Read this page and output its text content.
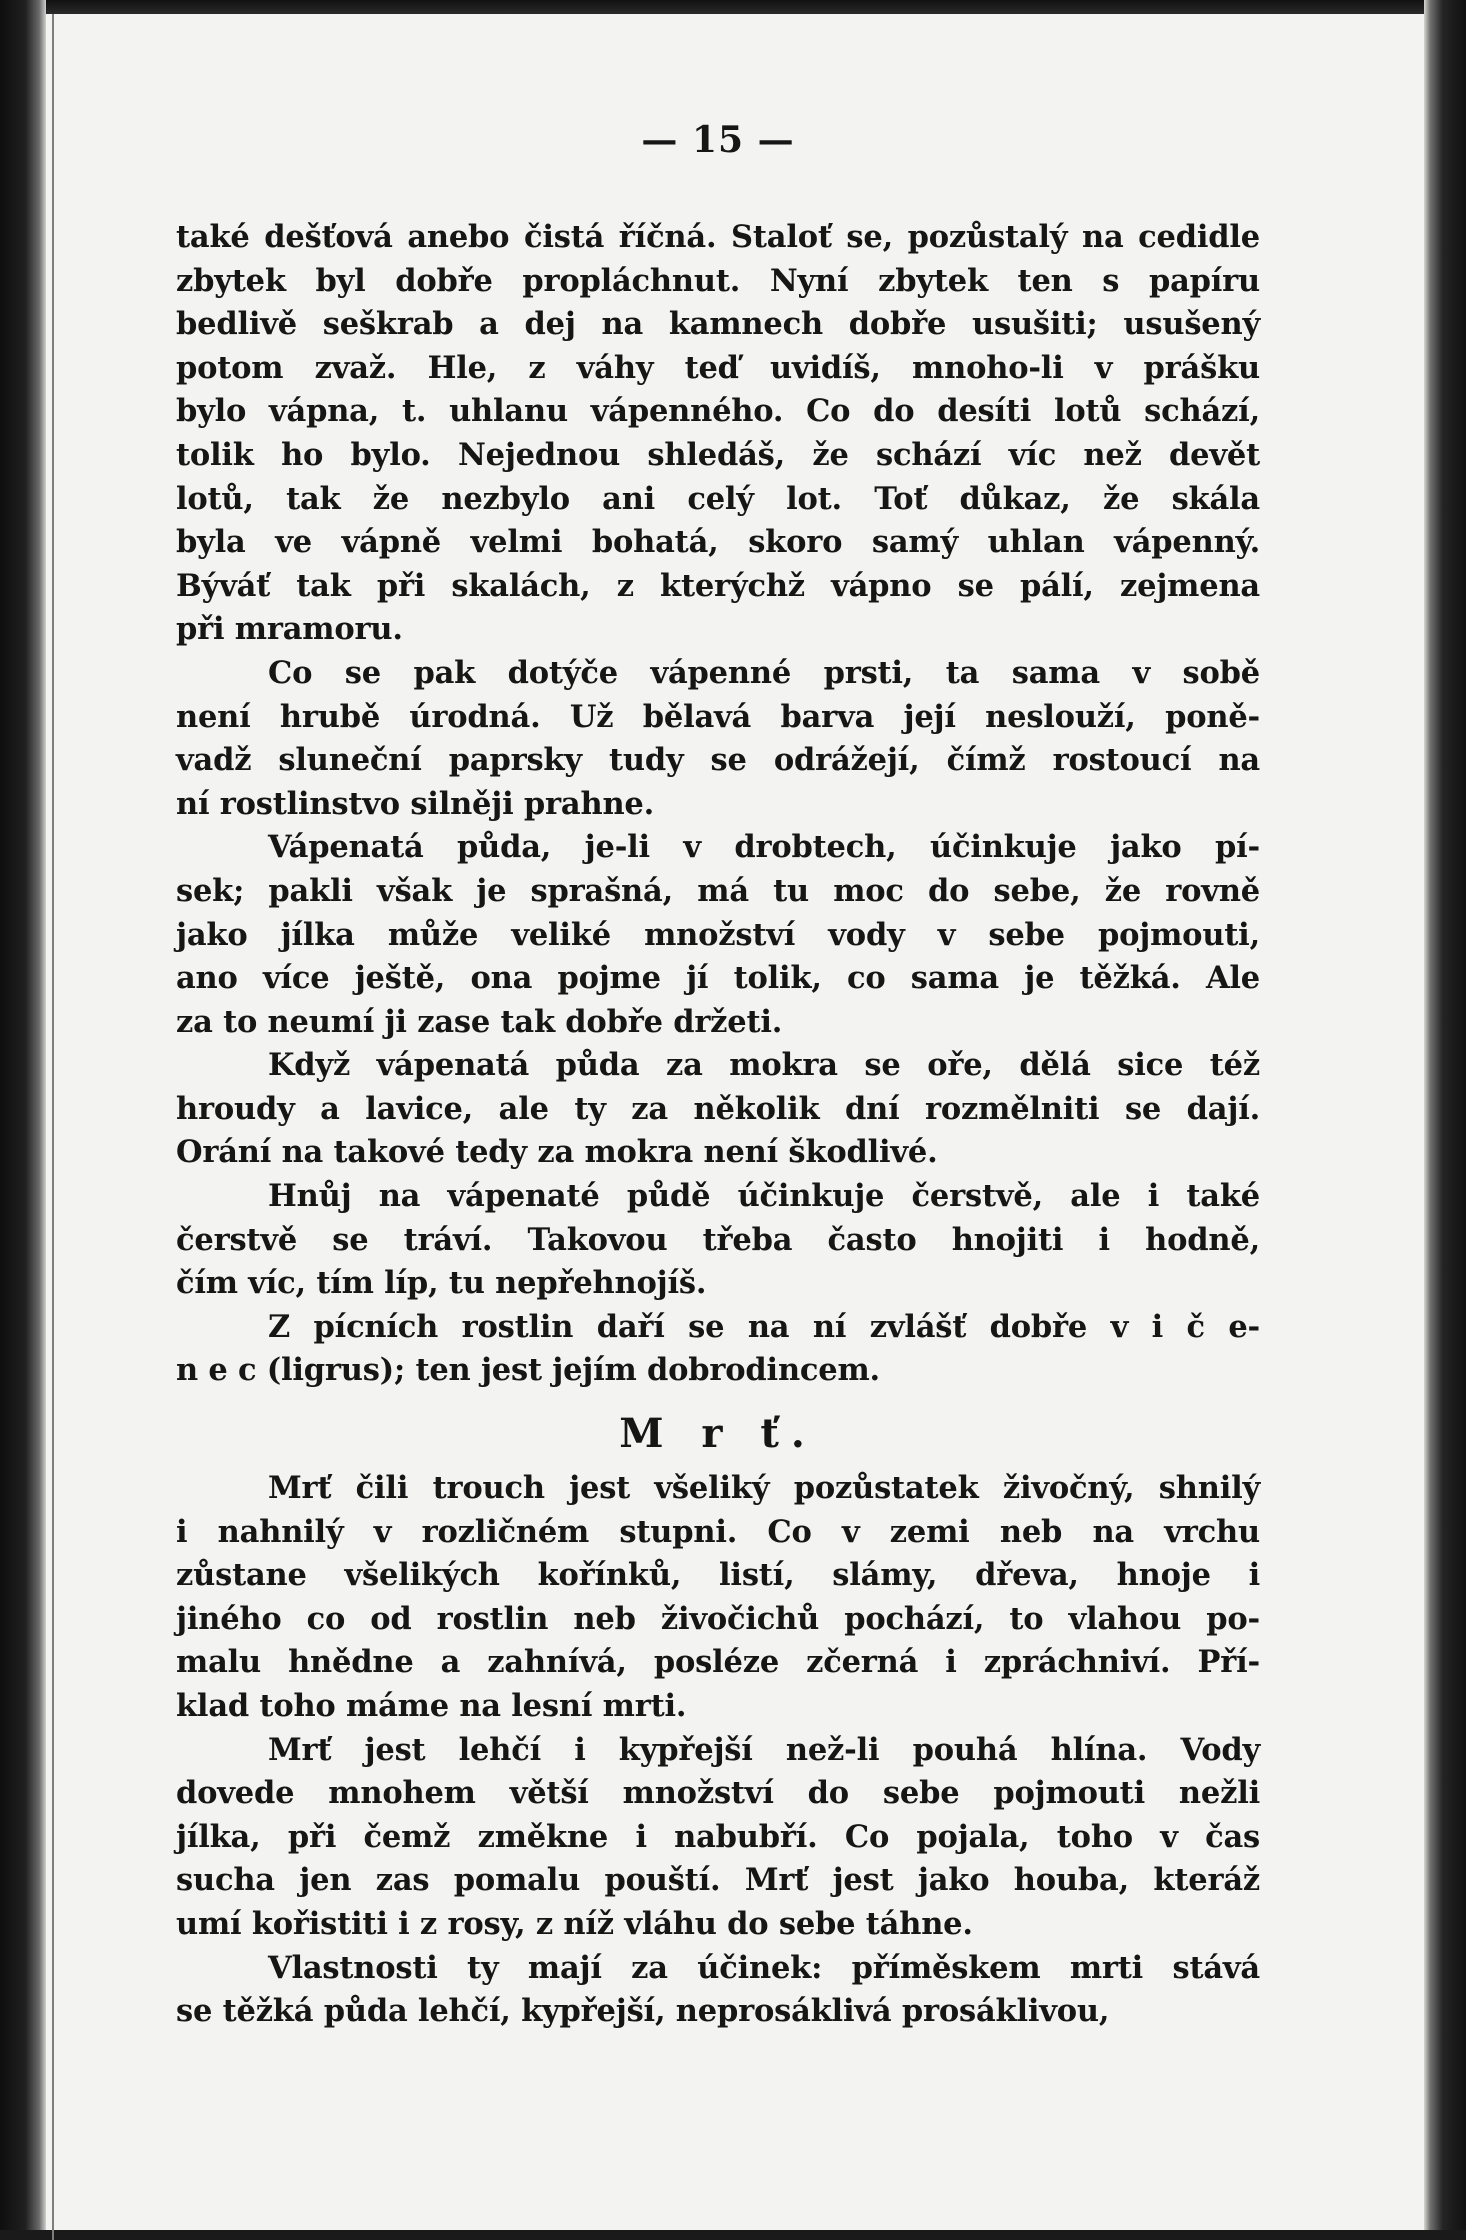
— 15 —
také dešťová anebo čistá říčná. Staloť se, pozůstalý na cedidle
zbytek byl dobře propláchnut. Nyní zbytek ten s papíru
bedlivě seškrab a dej na kamnech dobře usušiti; usušený
potom zvaž. Hle, z váhy teď uvidíš, mnoho-li v prášku
bylo vápna, t. uhlanu vápenného. Co do desíti lotů schází,
tolik ho bylo. Nejednou shledáš, že schází víc než devět
lotů, tak že nezbylo ani celý lot. Toť důkaz, že skála
byla ve vápně velmi bohatá, skoro samý uhlan vápenný.
Býváť tak při skalách, z kterýchž vápno se pálí, zejmena
při mramoru.
Co se pak dotýče vápenné prsti, ta sama v sobě
není hrubě úrodná. Už bělavá barva její neslouží, poně-
vadž sluneční paprsky tudy se odrážejí, čímž rostoucí na
ní rostlinstvo silněji prahne.
Vápenatá půda, je-li v drobtech, účinkuje jako pí-
sek; pakli však je sprašná, má tu moc do sebe, že rovně
jako jílka může veliké množství vody v sebe pojmouti,
ano více ještě, ona pojme jí tolik, co sama je těžká. Ale
za to neumí ji zase tak dobře držeti.
Když vápenatá půda za mokra se oře, dělá sice též
hroudy a lavice, ale ty za několik dní rozmělniti se dají.
Orání na takové tedy za mokra není škodlivé.
Hnůj na vápenaté půdě účinkuje čerstvě, ale i také
čerstvě se tráví. Takovou třeba často hnojiti i hodně,
čím víc, tím líp, tu nepřehnojíš.
Z pícních rostlin daří se na ní zvlášť dobře v i č e-
n e c (ligrus); ten jest jejím dobrodincem.
M r ť.
Mrť čili trouch jest všeliký pozůstatek živočný, shnilý
i nahnilý v rozličném stupni. Co v zemi neb na vrchu
zůstane všelikých kořínků, listí, slámy, dřeva, hnoje i
jiného co od rostlin neb živočichů pochází, to vlahou po-
malu hnědne a zahnívá, posléze zčerná i zpráchniví. Pří-
klad toho máme na lesní mrti.
Mrť jest lehčí i kypřejší než-li pouhá hlína. Vody
dovede mnohem větší množství do sebe pojmouti nežli
jílka, při čemž změkne i nabubří. Co pojala, toho v čas
sucha jen zas pomalu pouští. Mrť jest jako houba, kteráž
umí kořistiti i z rosy, z níž vláhu do sebe táhne.
Vlastnosti ty mají za účinek: příměskem mrti stává
se těžká půda lehčí, kypřejší, neprosáklivá prosáklivou,
